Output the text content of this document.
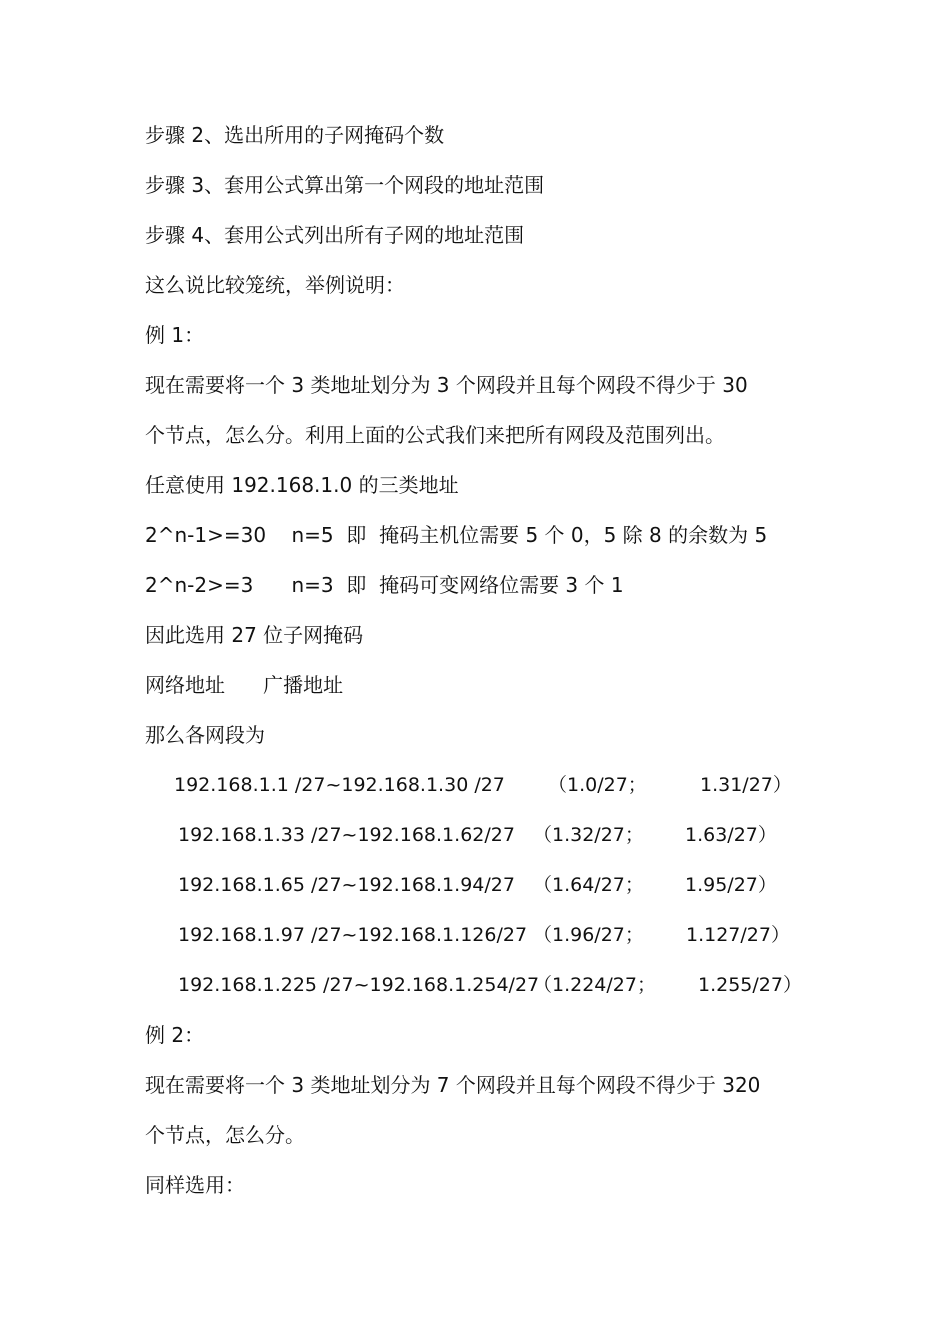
步骤 2、选出所用的子网掩码个数

步骤 3、套用公式算出第一个网段的地址范围

步骤 4、套用公式列出所有子网的地址范围

这么说比较笼统，举例说明：

例 1：

现在需要将一个 3 类地址划分为 3 个网段并且每个网段不得少于 30

个节点，怎么分。利用上面的公式我们来把所有网段及范围列出。

任意使用 192.168.1.0 的三类地址

2^n-1>=30    n=5  即  掩码主机位需要 5 个 0，5 除 8 的余数为 5

2^n-2>=3      n=3  即  掩码可变网络位需要 3 个 1

因此选用 27 位子网掩码

网络地址      广播地址

那么各网段为

192.168.1.1 /27~192.168.1.30 /27 （1.0/27；	1.31/27）
192.168.1.33 /27~192.168.1.62/27 （1.32/27； 1.63/27）
192.168.1.65 /27~192.168.1.94/27 （1.64/27； 1.95/27）
192.168.1.97 /27~192.168.1.126/27 （1.96/27； 1.127/27）
192.168.1.225 /27~192.168.1.254/27
（1.224/27； 1.255/27）

例 2：

现在需要将一个 3 类地址划分为 7 个网段并且每个网段不得少于 320

个节点，怎么分。

同样选用：
